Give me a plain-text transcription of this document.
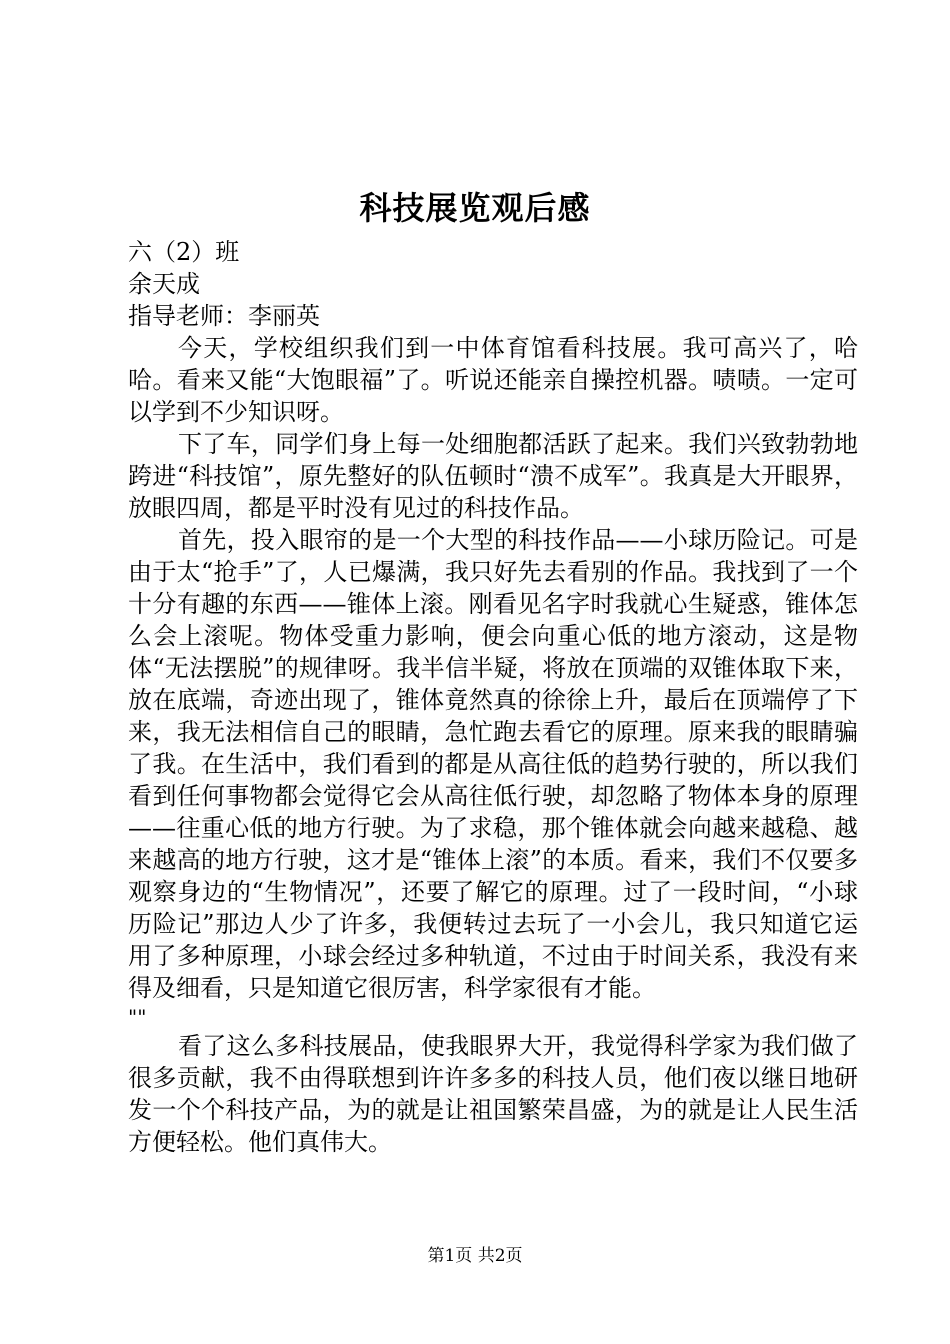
科技展览观后感

六（2）班

余天成

指导老师：李丽英

今天，学校组织我们到一中体育馆看科技展。我可高兴了，哈哈。看来又能“大饱眼福”了。听说还能亲自操控机器。啧啧。一定可以学到不少知识呀。

下了车，同学们身上每一处细胞都活跃了起来。我们兴致勃勃地跨进“科技馆”，原先整好的队伍顿时“溃不成军”。我真是大开眼界，放眼四周，都是平时没有见过的科技作品。

首先，投入眼帘的是一个大型的科技作品——小球历险记。可是由于太“抢手”了，人已爆满，我只好先去看别的作品。我找到了一个十分有趣的东西——锥体上滚。刚看见名字时我就心生疑惑，锥体怎么会上滚呢。物体受重力影响，便会向重心低的地方滚动，这是物体“无法摆脱”的规律呀。我半信半疑，将放在顶端的双锥体取下来，放在底端，奇迹出现了，锥体竟然真的徐徐上升，最后在顶端停了下来，我无法相信自己的眼睛，急忙跑去看它的原理。原来我的眼睛骗了我。在生活中，我们看到的都是从高往低的趋势行驶的，所以我们看到任何事物都会觉得它会从高往低行驶，却忽略了物体本身的原理——往重心低的地方行驶。为了求稳，那个锥体就会向越来越稳、越来越高的地方行驶，这才是“锥体上滚”的本质。看来，我们不仅要多观察身边的“生物情况”，还要了解它的原理。过了一段时间，“小球历险记”那边人少了许多，我便转过去玩了一小会儿，我只知道它运用了多种原理，小球会经过多种轨道，不过由于时间关系，我没有来得及细看，只是知道它很厉害，科学家很有才能。

""

看了这么多科技展品，使我眼界大开，我觉得科学家为我们做了很多贡献，我不由得联想到许许多多的科技人员，他们夜以继日地研发一个个科技产品，为的就是让祖国繁荣昌盛，为的就是让人民生活方便轻松。他们真伟大。

第1页 共2页
